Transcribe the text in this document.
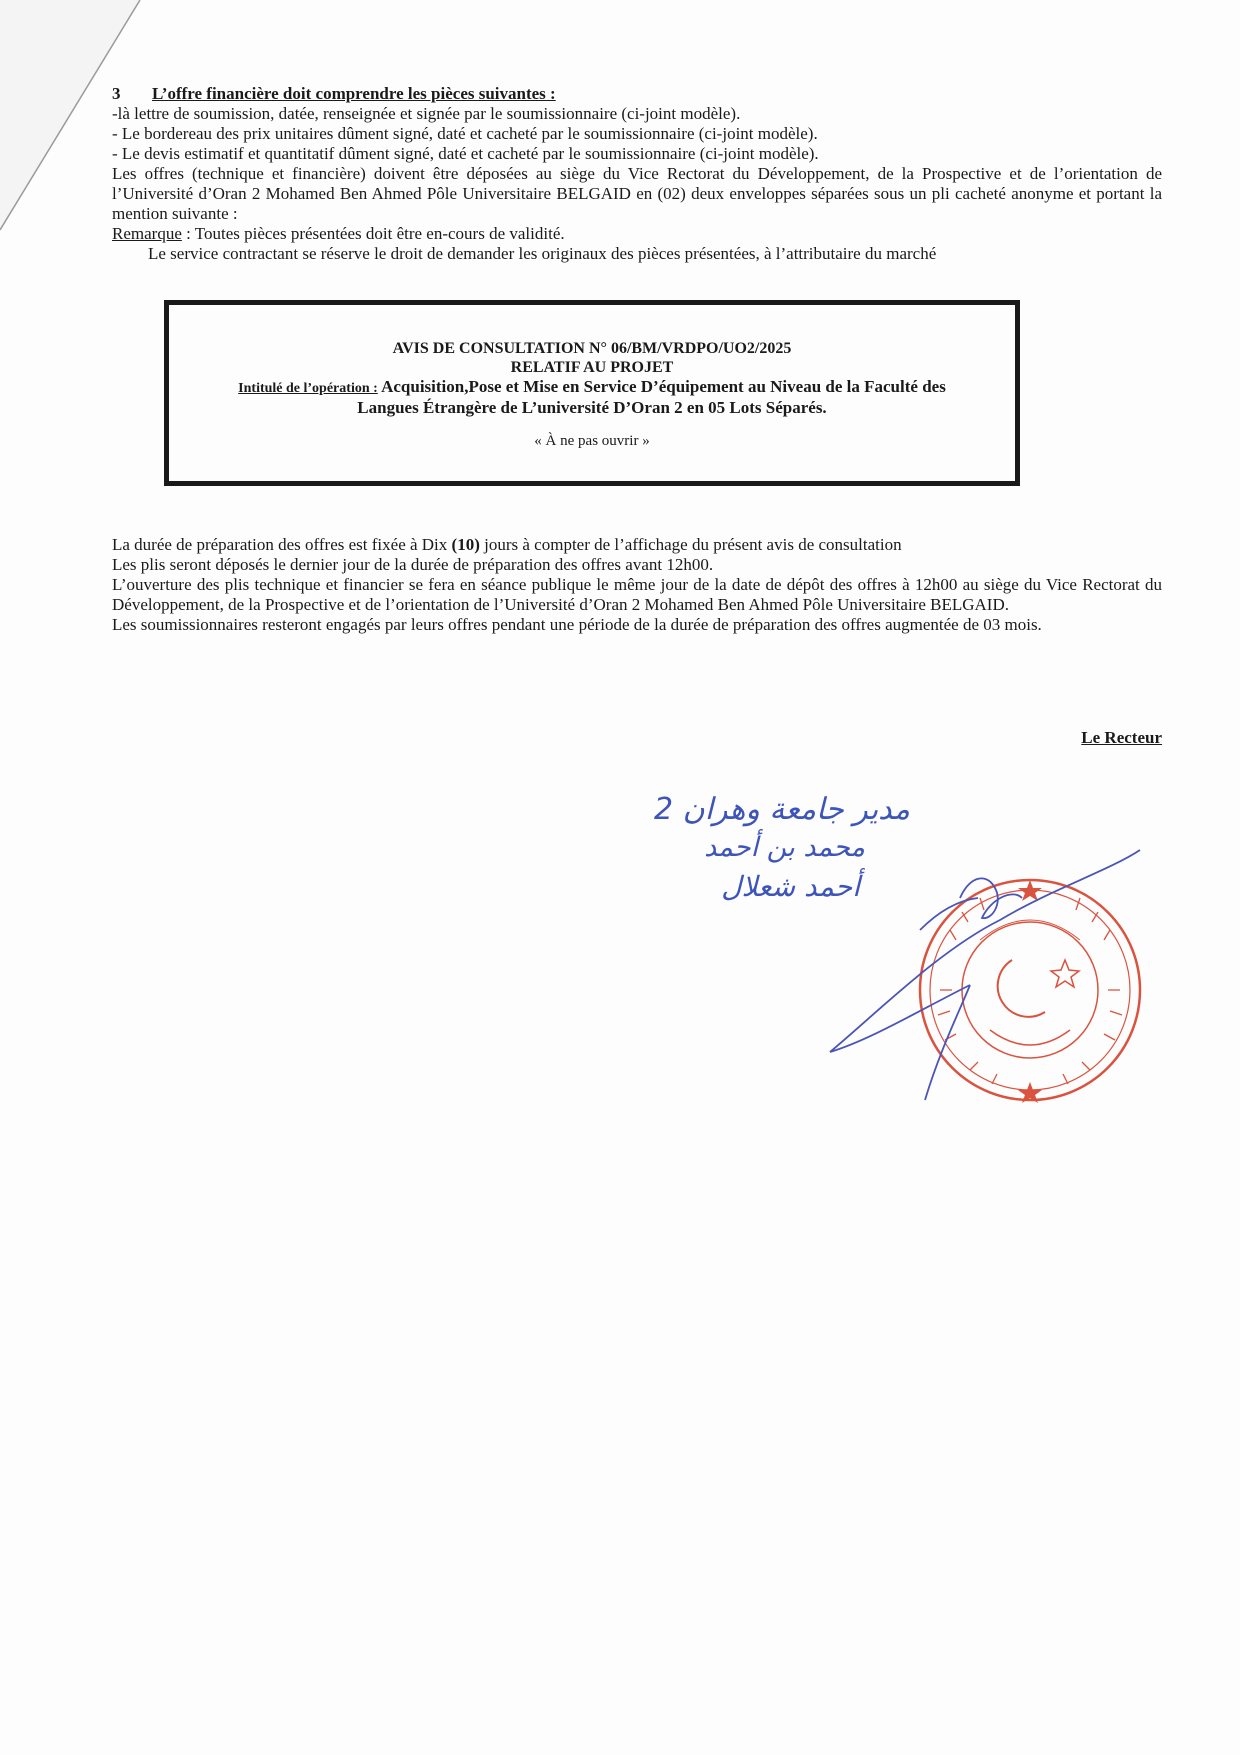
3 L’offre financière doit comprendre les pièces suivantes :

-là lettre de soumission, datée, renseignée et signée par le soumissionnaire (ci-joint modèle).

- Le bordereau des prix unitaires dûment signé, daté et cacheté par le soumissionnaire (ci-joint modèle).

- Le devis estimatif et quantitatif dûment signé, daté et cacheté par le soumissionnaire (ci-joint modèle).

Les offres (technique et financière) doivent être déposées au siège du Vice Rectorat du Développement, de la Prospective et de l’orientation de l’Université d’Oran 2 Mohamed Ben Ahmed Pôle Universitaire BELGAID en (02) deux enveloppes séparées sous un pli cacheté anonyme et portant la mention suivante :

Remarque : Toutes pièces présentées doit être en-cours de validité.

Le service contractant se réserve le droit de demander les originaux des pièces présentées, à l’attributaire du marché

AVIS DE CONSULTATION N° 06/BM/VRDPO/UO2/2025
RELATIF AU PROJET
Intitulé de l’opération : Acquisition,Pose et Mise en Service D’équipement au Niveau de la Faculté des
Langues Étrangère de L’université D’Oran 2 en 05 Lots Séparés.
« À ne pas ouvrir »

La durée de préparation des offres est fixée à Dix (10) jours à compter de l’affichage du présent avis de consultation

Les plis seront déposés le dernier jour de la durée de préparation des offres avant 12h00.

L’ouverture des plis technique et financier se fera en séance publique le même jour de la date de dépôt des offres à 12h00 au siège du Vice Rectorat du Développement, de la Prospective et de l’orientation de l’Université d’Oran 2 Mohamed Ben Ahmed Pôle Universitaire BELGAID.

Les soumissionnaires resteront engagés par leurs offres pendant une période de la durée de préparation des offres augmentée de 03 mois.

Le Recteur
مدير جامعة وهران 2
محمد بن أحمد
أحمد شعلال
